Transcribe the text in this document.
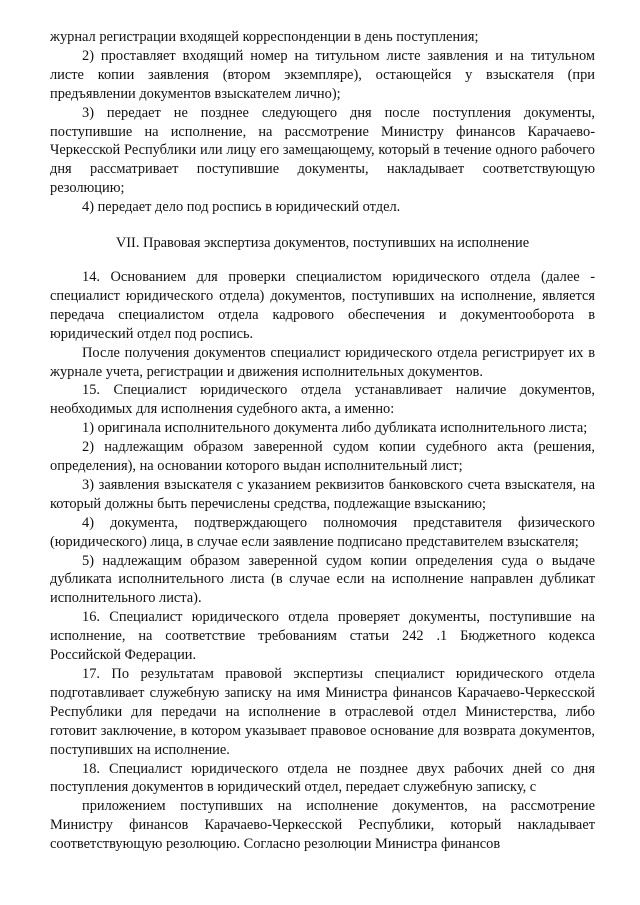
журнал регистрации входящей корреспонденции в день поступления;

2) проставляет входящий номер на титульном листе заявления и на титульном листе копии заявления (втором экземпляре), остающейся у взыскателя (при предъявлении документов взыскателем лично);

3) передает не позднее следующего дня после поступления документы, поступившие на исполнение, на рассмотрение Министру финансов Карачаево-Черкесской Республики или лицу его замещающему, который в течение одного рабочего дня рассматривает поступившие документы, накладывает соответствующую резолюцию;

4) передает дело под роспись в юридический отдел.

VII. Правовая экспертиза документов, поступивших на исполнение

14. Основанием для проверки специалистом юридического отдела (далее - специалист юридического отдела) документов, поступивших на исполнение, является передача специалистом отдела кадрового обеспечения и документооборота в юридический отдел под роспись.

После получения документов специалист юридического отдела регистрирует их в журнале учета, регистрации и движения исполнительных документов.

15. Специалист юридического отдела устанавливает наличие документов, необходимых для исполнения судебного акта, а именно:

1) оригинала исполнительного документа либо дубликата исполнительного листа;

2) надлежащим образом заверенной судом копии судебного акта (решения, определения), на основании которого выдан исполнительный лист;

3) заявления взыскателя с указанием реквизитов банковского счета взыскателя, на который должны быть перечислены средства, подлежащие взысканию;

4) документа, подтверждающего полномочия представителя физического (юридического) лица, в случае если заявление подписано представителем взыскателя;

5) надлежащим образом заверенной судом копии определения суда о выдаче дубликата исполнительного листа (в случае если на исполнение направлен дубликат исполнительного листа).

16. Специалист юридического отдела проверяет документы, поступившие на исполнение, на соответствие требованиям статьи 242 .1 Бюджетного кодекса Российской Федерации.

17. По результатам правовой экспертизы специалист юридического отдела подготавливает служебную записку на имя Министра финансов Карачаево-Черкесской Республики для передачи на исполнение в отраслевой отдел Министерства, либо готовит заключение, в котором указывает правовое основание для возврата документов, поступивших на исполнение.

18. Специалист юридического отдела не позднее двух рабочих дней со дня поступления документов в юридический отдел, передает служебную записку, с

приложением поступивших на исполнение документов, на рассмотрение Министру финансов Карачаево-Черкесской Республики, который накладывает соответствующую резолюцию. Согласно резолюции Министра финансов
